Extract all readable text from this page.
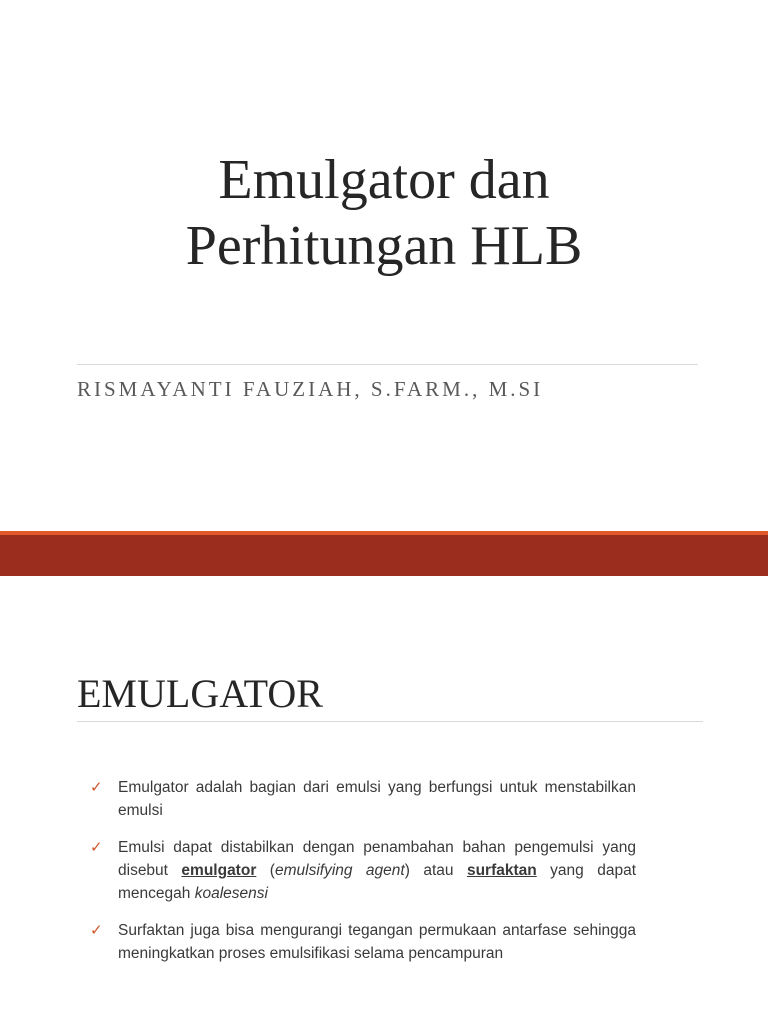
Emulgator dan
Perhitungan HLB
RISMAYANTI FAUZIAH, S.FARM., M.SI
EMULGATOR
✓ Emulgator adalah bagian dari emulsi yang berfungsi untuk menstabilkan emulsi
✓ Emulsi dapat distabilkan dengan penambahan bahan pengemulsi yang disebut emulgator (emulsifying agent) atau surfaktan yang dapat mencegah koalesensi
✓ Surfaktan juga bisa mengurangi tegangan permukaan antarfase sehingga meningkatkan proses emulsifikasi selama pencampuran
